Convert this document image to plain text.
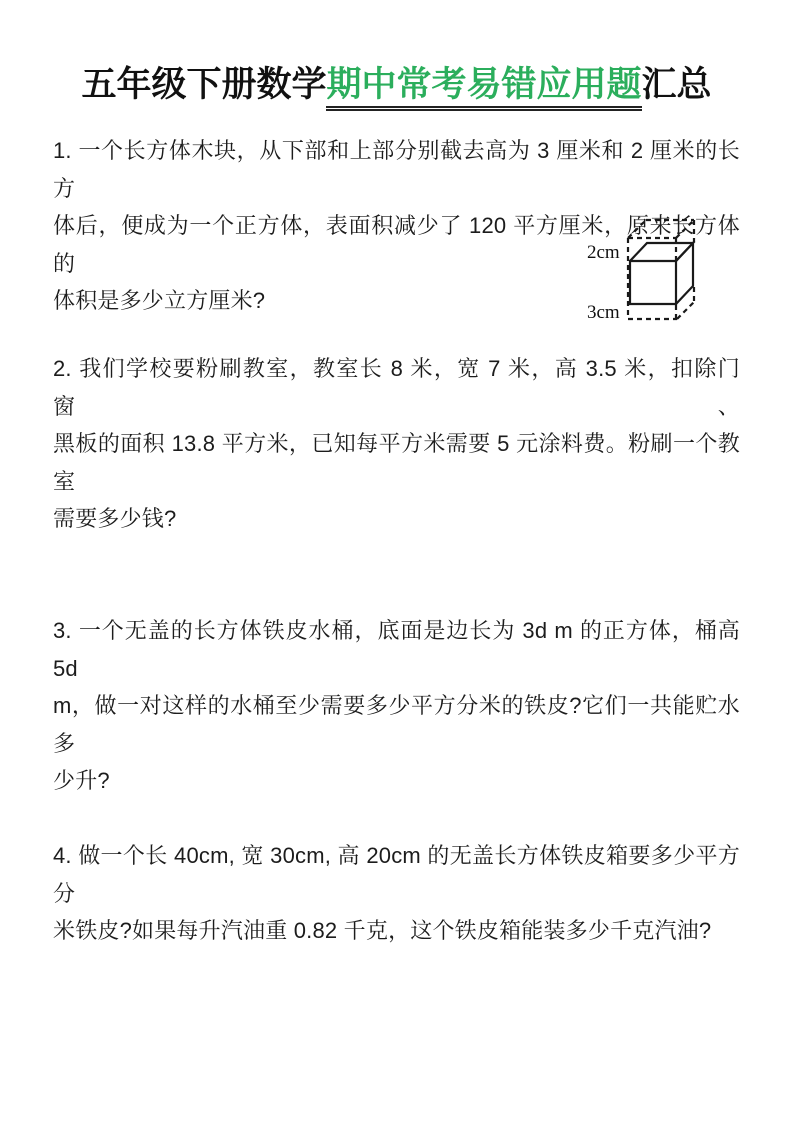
五年级下册数学期中常考易错应用题汇总
1. 一个长方体木块，从下部和上部分别截去高为 3 厘米和 2 厘米的长方
体后，便成为一个正方体，表面积减少了 120 平方厘米，原来长方体的
体积是多少立方厘米?
2cm
3cm
2. 我们学校要粉刷教室，教室长 8 米，宽 7 米，高 3.5 米，扣除门窗、
黑板的面积 13.8 平方米，已知每平方米需要 5 元涂料费。粉刷一个教室
需要多少钱?
3. 一个无盖的长方体铁皮水桶，底面是边长为 3d m 的正方体，桶高 5d
m，做一对这样的水桶至少需要多少平方分米的铁皮?它们一共能贮水多
少升?
4. 做一个长 40cm, 宽 30cm, 高 20cm 的无盖长方体铁皮箱要多少平方分
米铁皮?如果每升汽油重 0.82 千克，这个铁皮箱能装多少千克汽油?
